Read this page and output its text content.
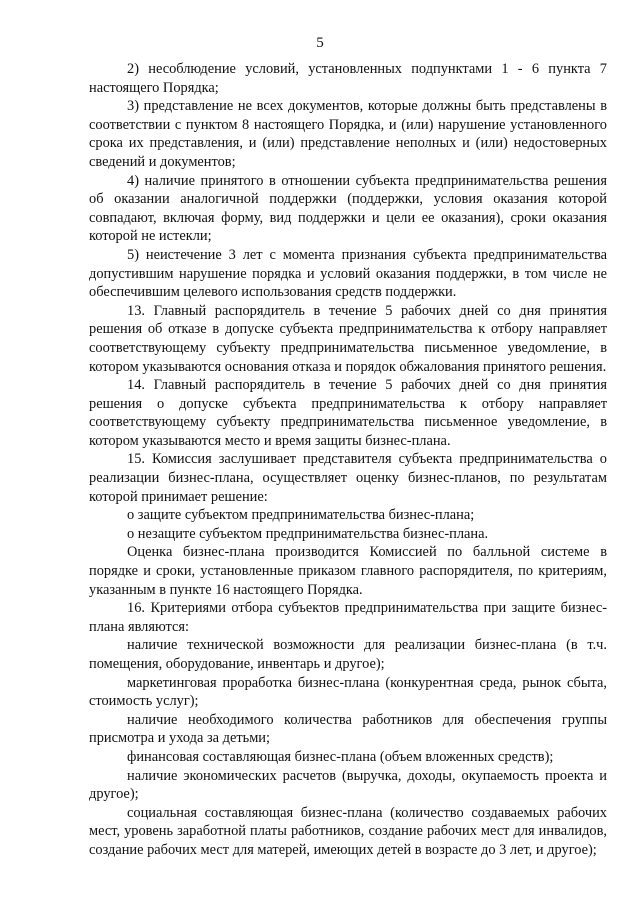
5

2) несоблюдение условий, установленных подпунктами 1 - 6 пункта 7 настоящего Порядка;

3) представление не всех документов, которые должны быть представлены в соответствии с пунктом 8 настоящего Порядка, и (или) нарушение установленного срока их представления, и (или) представление неполных и (или) недостоверных сведений и документов;

4) наличие принятого в отношении субъекта предпринимательства решения об оказании аналогичной поддержки (поддержки, условия оказания которой совпадают, включая форму, вид поддержки и цели ее оказания), сроки оказания которой не истекли;

5) неистечение 3 лет с момента признания субъекта предпринимательства допустившим нарушение порядка и условий оказания поддержки, в том числе не обеспечившим целевого использования средств поддержки.

13. Главный распорядитель в течение 5 рабочих дней со дня принятия решения об отказе в допуске субъекта предпринимательства к отбору направляет соответствующему субъекту предпринимательства письменное уведомление, в котором указываются основания отказа и порядок обжалования принятого решения.

14. Главный распорядитель в течение 5 рабочих дней со дня принятия решения о допуске субъекта предпринимательства к отбору направляет соответствующему субъекту предпринимательства письменное уведомление, в котором указываются место и время защиты бизнес-плана.

15. Комиссия заслушивает представителя субъекта предпринимательства о реализации бизнес-плана, осуществляет оценку бизнес-планов, по результатам которой принимает решение:

о защите субъектом предпринимательства бизнес-плана;

о незащите субъектом предпринимательства бизнес-плана.

Оценка бизнес-плана производится Комиссией по балльной системе в порядке и сроки, установленные приказом главного распорядителя, по критериям, указанным в пункте 16 настоящего Порядка.

16. Критериями отбора субъектов предпринимательства при защите бизнес-плана являются:

наличие технической возможности для реализации бизнес-плана (в т.ч. помещения, оборудование, инвентарь и другое);

маркетинговая проработка бизнес-плана (конкурентная среда, рынок сбыта, стоимость услуг);

наличие необходимого количества работников для обеспечения группы присмотра и ухода за детьми;

финансовая составляющая бизнес-плана (объем вложенных средств);

наличие экономических расчетов (выручка, доходы, окупаемость проекта и другое);

социальная составляющая бизнес-плана (количество создаваемых рабочих мест, уровень заработной платы работников, создание рабочих мест для инвалидов, создание рабочих мест для матерей, имеющих детей в возрасте до 3 лет, и другое);
